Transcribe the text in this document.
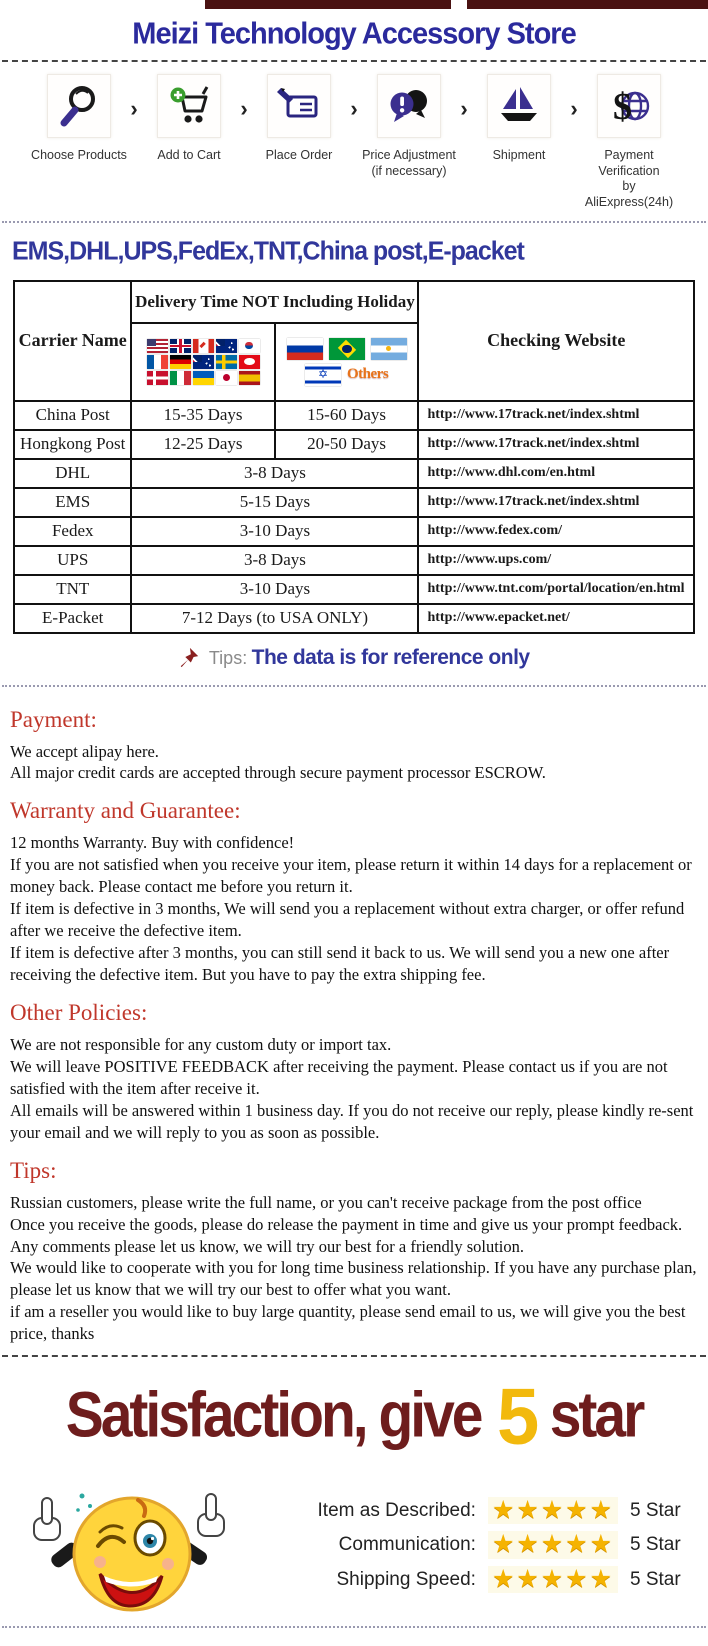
Meizi Technology Accessory Store
Choose Products
›
Add to Cart
›
Place Order
›
Price Adjustment
(if necessary)
›
Shipment
› $
Payment Verification
by AliExpress(24h)
EMS,DHL,UPS,FedEx,TNT,China post,E-packet
Carrier Name	Delivery Time NOT Including Holiday		Checking Website

✡
Others

China Post	15-35 Days	15-60 Days	http://www.17track.net/index.shtml
Hongkong Post	12-25 Days	20-50 Days	http://www.17track.net/index.shtml
DHL	3-8 Days		http://www.dhl.com/en.html
EMS	5-15 Days		http://www.17track.net/index.shtml
Fedex	3-10 Days		http://www.fedex.com/
UPS	3-8 Days		http://www.ups.com/
TNT	3-10 Days		http://www.tnt.com/portal/location/en.html
E-Packet	7-12 Days (to USA ONLY)		http://www.epacket.net/
Tips: The data is for reference only
Payment:
We accept alipay here.
All major credit cards are accepted through secure payment processor ESCROW.
Warranty and Guarantee:
12 months Warranty. Buy with confidence!
If you are not satisfied when you receive your item, please return it within 14 days for a replacement or money back. Please contact me before you return it.
If item is defective in 3 months, We will send you a replacement without extra charger, or offer refund after we receive the defective item.
If item is defective after 3 months, you can still send it back to us. We will send you a new one after receiving the defective item. But you have to pay the extra shipping fee.
Other Policies:
We are not responsible for any custom duty or import tax.
We will leave POSITIVE FEEDBACK after receiving the payment. Please contact us if you are not satisfied with the item after receive it.
All emails will be answered within 1 business day. If you do not receive our reply, please kindly re-sent your email and we will reply to you as soon as possible.
Tips:
Russian customers, please write the full name, or you can't receive package from the post office
Once you receive the goods, please do release the payment in time and give us your prompt feedback.
Any comments please let us know, we will try our best for a friendly solution.
We would like to cooperate with you for long time business relationship. If you have any purchase plan, please let us know that we will try our best to offer what you want.
if am a reseller you would like to buy large quantity, please send email to us, we will give you the best price, thanks
Satisfaction, give 5 star
Item as Described: ★★★★★ 5 Star
Communication: ★★★★★ 5 Star
Shipping Speed: ★★★★★ 5 Star
